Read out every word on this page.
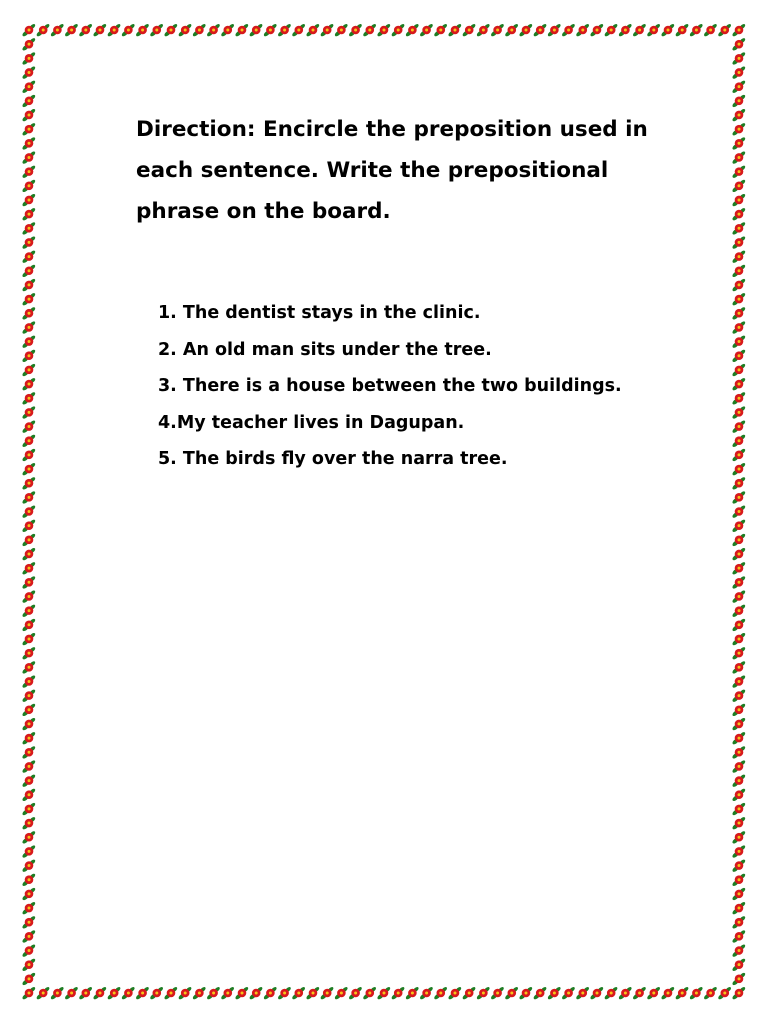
Direction: Encircle the preposition used in each sentence. Write the prepositional phrase on the board.

1. The dentist stays in the clinic.
2. An old man sits under the tree.
3. There is a house between the two buildings.
4.My teacher lives in Dagupan.
5. The birds fly over the narra tree.
